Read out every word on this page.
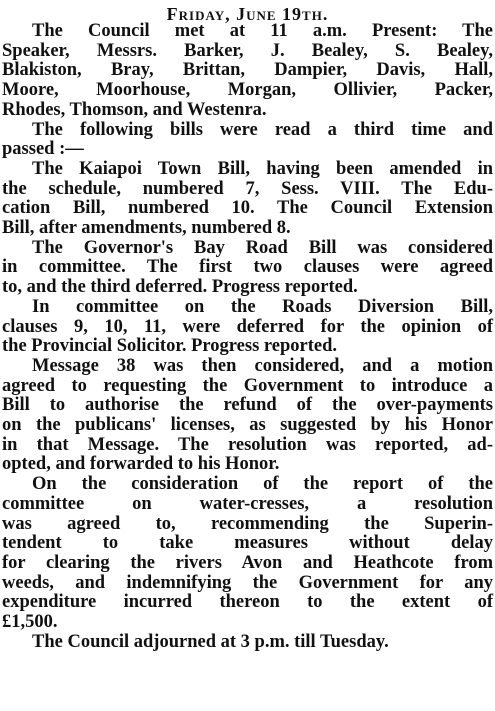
Friday, June 19th.
The Council met at 11 a.m. Present: The
Speaker, Messrs. Barker, J. Bealey, S. Bealey,
Blakiston, Bray, Brittan, Dampier, Davis, Hall,
Moore, Moorhouse, Morgan, Ollivier, Packer,
Rhodes, Thomson, and Westenra.
The following bills were read a third time and
passed :—
The Kaiapoi Town Bill, having been amended in
the schedule, numbered 7, Sess. VIII. The Edu-
cation Bill, numbered 10. The Council Extension
Bill, after amendments, numbered 8.
The Governor's Bay Road Bill was considered
in committee. The first two clauses were agreed
to, and the third deferred. Progress reported.
In committee on the Roads Diversion Bill,
clauses 9, 10, 11, were deferred for the opinion of
the Provincial Solicitor. Progress reported.
Message 38 was then considered, and a motion
agreed to requesting the Government to introduce a
Bill to authorise the refund of the over-payments
on the publicans' licenses, as suggested by his Honor
in that Message. The resolution was reported, ad-
opted, and forwarded to his Honor.
On the consideration of the report of the
committee on water-cresses, a resolution
was agreed to, recommending the Superin-
tendent to take measures without delay
for clearing the rivers Avon and Heathcote from
weeds, and indemnifying the Government for any
expenditure incurred thereon to the extent of
£1,500.
The Council adjourned at 3 p.m. till Tuesday.
